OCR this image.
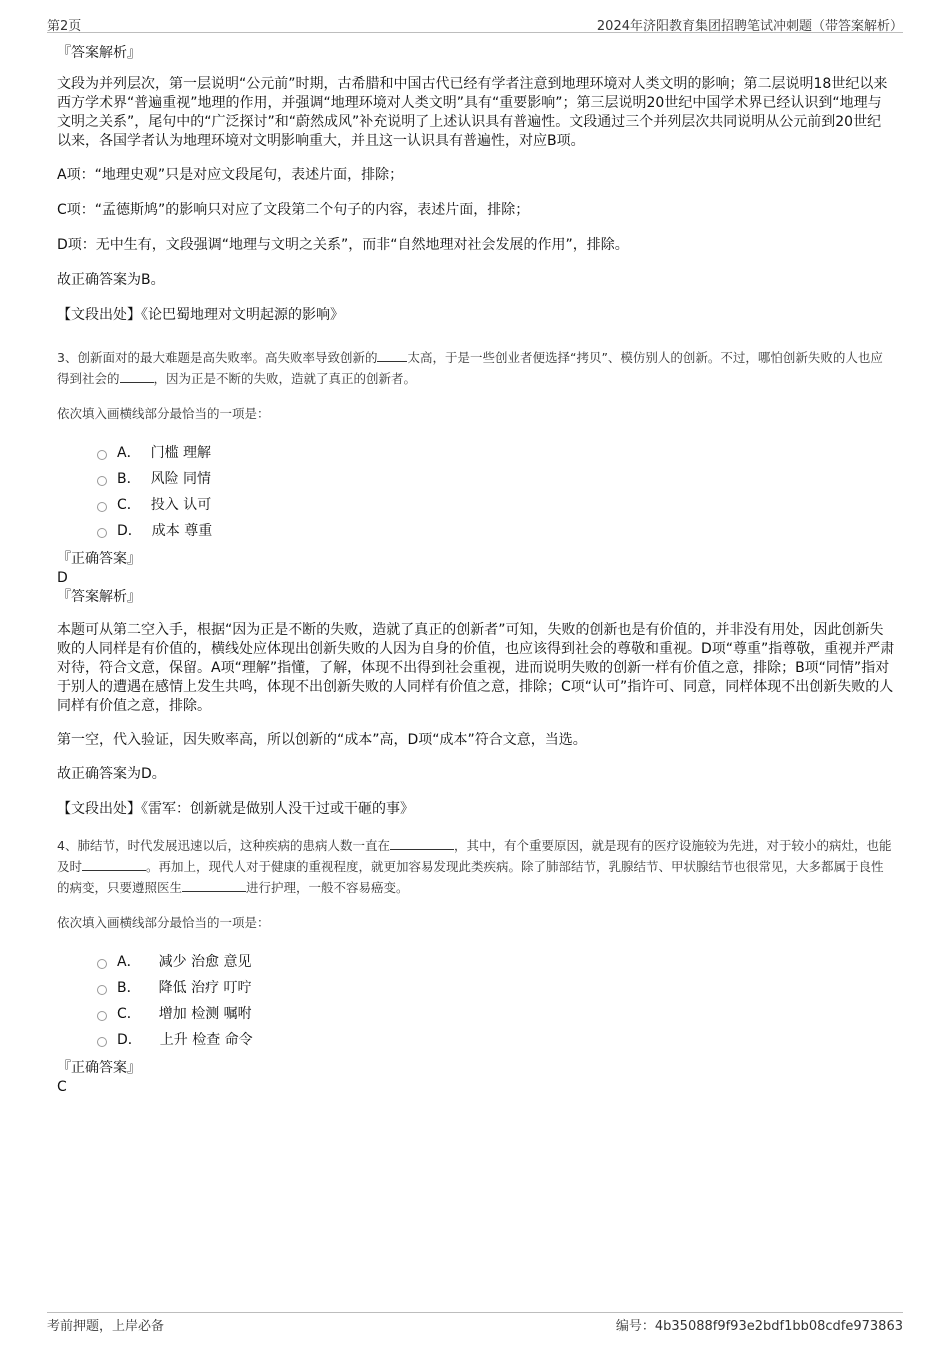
第2页	2024年济阳教育集团招聘笔试冲刺题（带答案解析）

『答案解析』

文段为并列层次，第一层说明“公元前”时期，古希腊和中国古代已经有学者注意到地理环境对人类文明的影响；第二层说明18世纪以来西方学术界“普遍重视”地理的作用，并强调“地理环境对人类文明”具有“重要影响”；第三层说明20世纪中国学术界已经认识到“地理与文明之关系”，尾句中的“广泛探讨”和“蔚然成风”补充说明了上述认识具有普遍性。文段通过三个并列层次共同说明从公元前到20世纪以来，各国学者认为地理环境对文明影响重大，并且这一认识具有普遍性，对应B项。

A项：“地理史观”只是对应文段尾句，表述片面，排除；

C项：“孟德斯鸠”的影响只对应了文段第二个句子的内容，表述片面，排除；

D项：无中生有，文段强调“地理与文明之关系”，而非“自然地理对社会发展的作用”，排除。

故正确答案为B。

【文段出处】《论巴蜀地理对文明起源的影响》

3、创新面对的最大难题是高失败率。高失败率导致创新的 太高，于是一些创业者便选择“拷贝”、模仿别人的创新。不过，哪怕创新失败的人也应得到社会的	，因为正是不断的失败，造就了真正的创新者。

依次填入画横线部分最恰当的一项是：

A． 门槛 理解
B． 风险 同情
C． 投入 认可
D． 成本 尊重

『正确答案』

D

『答案解析』

本题可从第二空入手，根据“因为正是不断的失败，造就了真正的创新者”可知，失败的创新也是有价值的，并非没有用处，因此创新失败的人同样是有价值的，横线处应体现出创新失败的人因为自身的价值，也应该得到社会的尊敬和重视。D项“尊重”指尊敬，重视并严肃对待，符合文意，保留。A项“理解”指懂，了解，体现不出得到社会重视，进而说明失败的创新一样有价值之意，排除；B项“同情”指对于别人的遭遇在感情上发生共鸣，体现不出创新失败的人同样有价值之意，排除；C项“认可”指许可、同意，同样体现不出创新失败的人同样有价值之意，排除。

第一空，代入验证，因失败率高，所以创新的“成本”高，D项“成本”符合文意，当选。

故正确答案为D。

【文段出处】《雷军：创新就是做别人没干过或干砸的事》

4、肺结节，时代发展迅速以后，这种疾病的患病人数一直在	，其中，有个重要原因，就是现有的医疗设施较为先进，对于较小的病灶，也能及时	。再加上，现代人对于健康的重视程度，就更加容易发现此类疾病。除了肺部结节，乳腺结节、甲状腺结节也很常见，大多都属于良性的病变，只要遵照医生	进行护理，一般不容易癌变。

依次填入画横线部分最恰当的一项是：

A． 减少 治愈 意见
B． 降低 治疗 叮咛
C． 增加 检测 嘱咐
D． 上升 检查 命令

『正确答案』

C

考前押题，上岸必备	编号：4b35088f9f93e2bdf1bb08cdfe973863
